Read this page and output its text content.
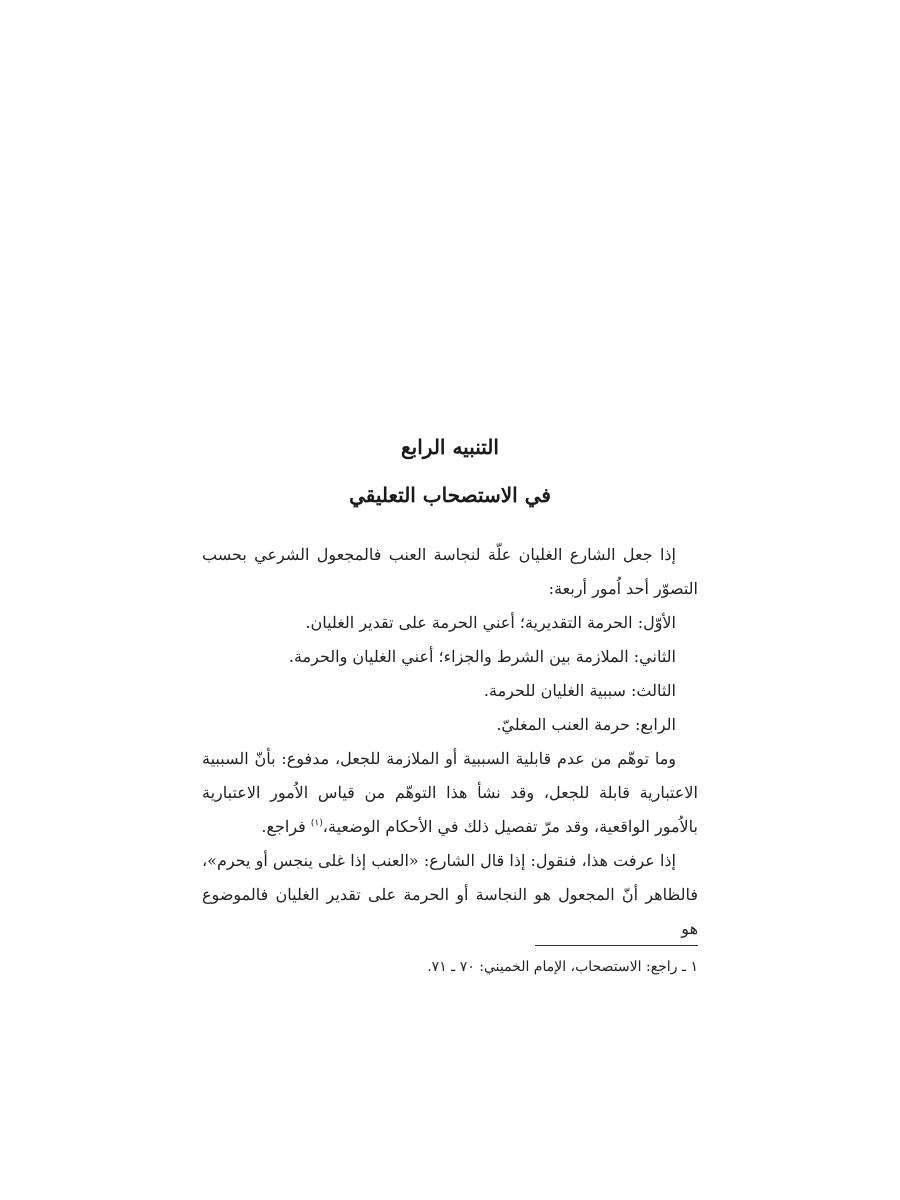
التنبيه الرابع
في الاستصحاب التعليقي

إذا جعل الشارع الغليان علّة لنجاسة العنب فالمجعول الشرعي بحسب التصوّر أحد اُمور أربعة:

الأوّل: الحرمة التقديرية؛ أعني الحرمة على تقدير الغليان.

الثاني: الملازمة بين الشرط والجزاء؛ أعني الغليان والحرمة.

الثالث: سببية الغليان للحرمة.

الرابع: حرمة العنب المغليّ.

وما توهّم من عدم قابلية السببية أو الملازمة للجعل، مدفوع: بأنّ السببية الاعتبارية قابلة للجعل، وقد نشأ هذا التوهّم من قياس الاُمور الاعتبارية بالاُمور الواقعية، وقد مرّ تفصيل ذلك في الأحكام الوضعية،$^{(١)}$ فراجع.

إذا عرفت هذا، فنقول: إذا قال الشارع: «العنب إذا غلى ينجس أو يحرم»، فالظاهر أنّ المجعول هو النجاسة أو الحرمة على تقدير الغليان فالموضوع هو

١ ـ راجع: الاستصحاب، الإمام الخميني: ٧٠ ـ ٧١.
